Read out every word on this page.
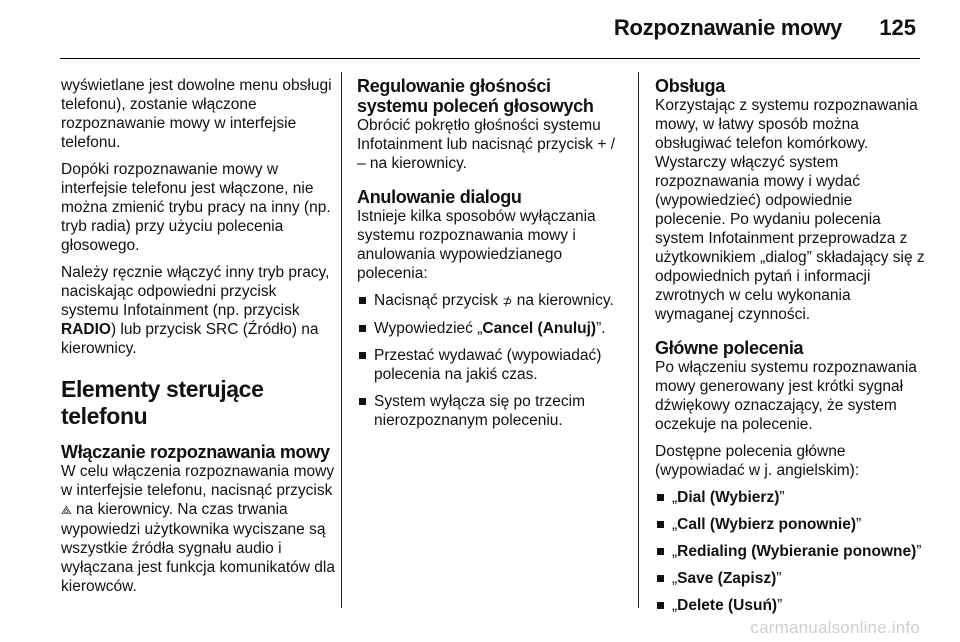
Rozpoznawanie mowy 125

wyświetlane jest dowolne menu obsługi telefonu), zostanie włączone rozpoznawanie mowy w interfejsie telefonu.

Dopóki rozpoznawanie mowy w interfejsie telefonu jest włączone, nie można zmienić trybu pracy na inny (np. tryb radia) przy użyciu polecenia głosowego.

Należy ręcznie włączyć inny tryb pracy, naciskając odpowiedni przycisk systemu Infotainment (np. przycisk RADIO) lub przycisk SRC (Źródło) na kierownicy.

Elementy sterujące telefonu
Włączanie rozpoznawania mowy

W celu włączenia rozpoznawania mowy w interfejsie telefonu, nacisnąć przycisk ⟁ na kierownicy. Na czas trwania wypowiedzi użytkownika wyciszane są wszystkie źródła sygnału audio i wyłączana jest funkcja komunikatów dla kierowców.

Regulowanie głośności systemu poleceń głosowych

Obrócić pokrętło głośności systemu Infotainment lub nacisnąć przycisk + / – na kierownicy.

Anulowanie dialogu

Istnieje kilka sposobów wyłączania systemu rozpoznawania mowy i anulowania wypowiedzianego polecenia:

Nacisnąć przycisk ⊅ na kierownicy.
Wypowiedzieć „Cancel (Anuluj)”.
Przestać wydawać (wypowiadać) polecenia na jakiś czas.
System wyłącza się po trzecim nierozpoznanym poleceniu.
Obsługa

Korzystając z systemu rozpoznawania mowy, w łatwy sposób można obsługiwać telefon komórkowy. Wystarczy włączyć system rozpoznawania mowy i wydać (wypowiedzieć) odpowiednie polecenie. Po wydaniu polecenia system Infotainment przeprowadza z użytkownikiem „dialog” składający się z odpowiednich pytań i informacji zwrotnych w celu wykonania wymaganej czynności.

Główne polecenia

Po włączeniu systemu rozpoznawania mowy generowany jest krótki sygnał dźwiękowy oznaczający, że system oczekuje na polecenie.

Dostępne polecenia główne (wypowiadać w j. angielskim):

„Dial (Wybierz)”
„Call (Wybierz ponownie)”
„Redialing (Wybieranie ponowne)”
„Save (Zapisz)”
„Delete (Usuń)”
carmanualsonline.info
